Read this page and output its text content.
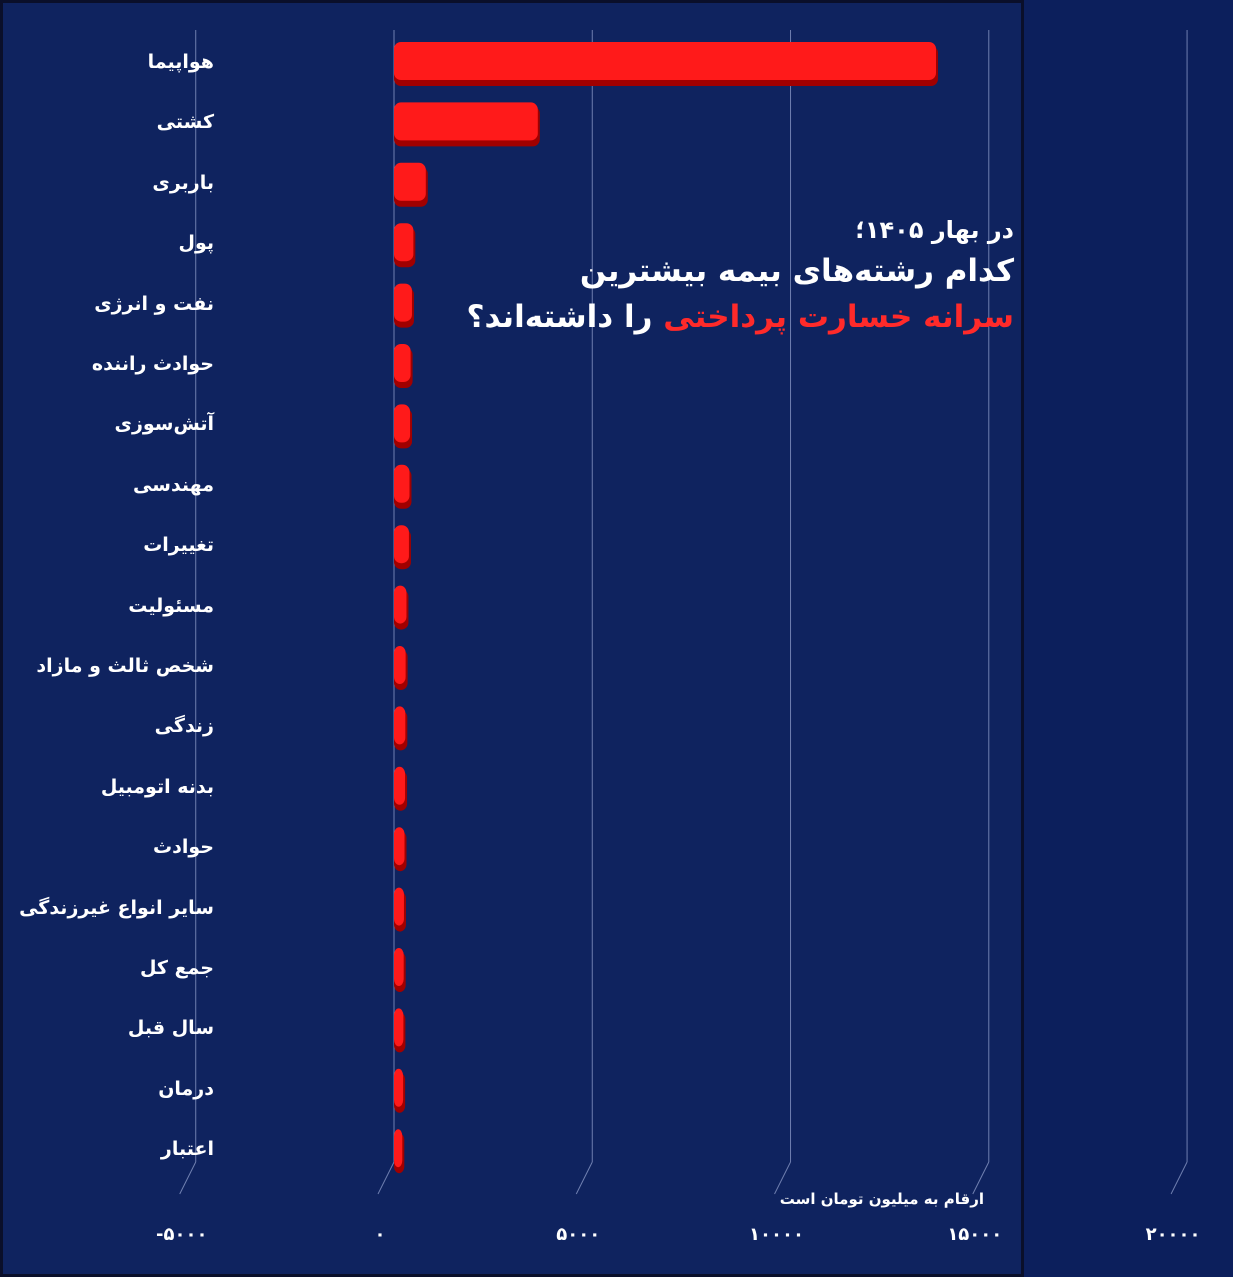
هواپیما
کشتی
باربری
پول
نفت و انرژی
حوادث راننده
آتش‌سوزی
مهندسی
تغییرات
مسئولیت
شخص ثالث و مازاد
زندگی
بدنه اتومبیل
حوادث
سایر انواع غیرزندگی
جمع کل
سال قبل
درمان
اعتبار
-۵۰۰۰	۰	۵۰۰۰	۱۰۰۰۰	۱۵۰۰۰	۲۰۰۰۰
در بهار ۱۴۰۵؛
کدام رشته‌های بیمه بیشترین
سرانه خسارت پرداختی را داشته‌اند؟
ارقام به میلیون تومان است
